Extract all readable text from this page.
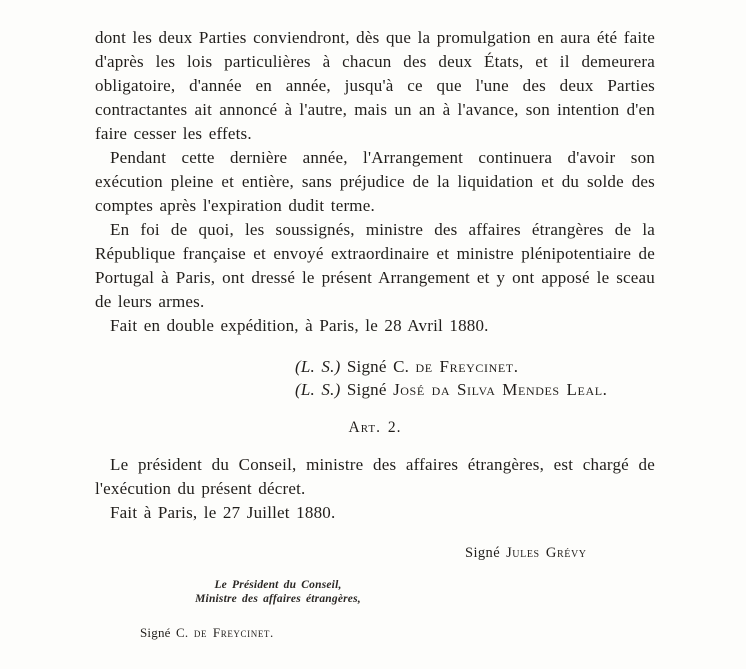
dont les deux Parties conviendront, dès que la promulgation en aura été faite d'après les lois particulières à chacun des deux États, et il demeurera obligatoire, d'année en année, jusqu'à ce que l'une des deux Parties contractantes ait annoncé à l'autre, mais un an à l'avance, son intention d'en faire cesser les effets.

Pendant cette dernière année, l'Arrangement continuera d'avoir son exécution pleine et entière, sans préjudice de la liquidation et du solde des comptes après l'expiration dudit terme.

En foi de quoi, les soussignés, ministre des affaires étrangères de la République française et envoyé extraordinaire et ministre plénipotentiaire de Portugal à Paris, ont dressé le présent Arrangement et y ont apposé le sceau de leurs armes.

Fait en double expédition, à Paris, le 28 Avril 1880.

(L. S.) Signé C. de Freycinet.
(L. S.) Signé José da Silva Mendes Leal.
Art. 2.

Le président du Conseil, ministre des affaires étrangères, est chargé de l'exécution du présent décret.

Fait à Paris, le 27 Juillet 1880.

Signé Jules Grévy
Le Président du Conseil,
Ministre des affaires étrangères,
Signé C. de Freycinet.
